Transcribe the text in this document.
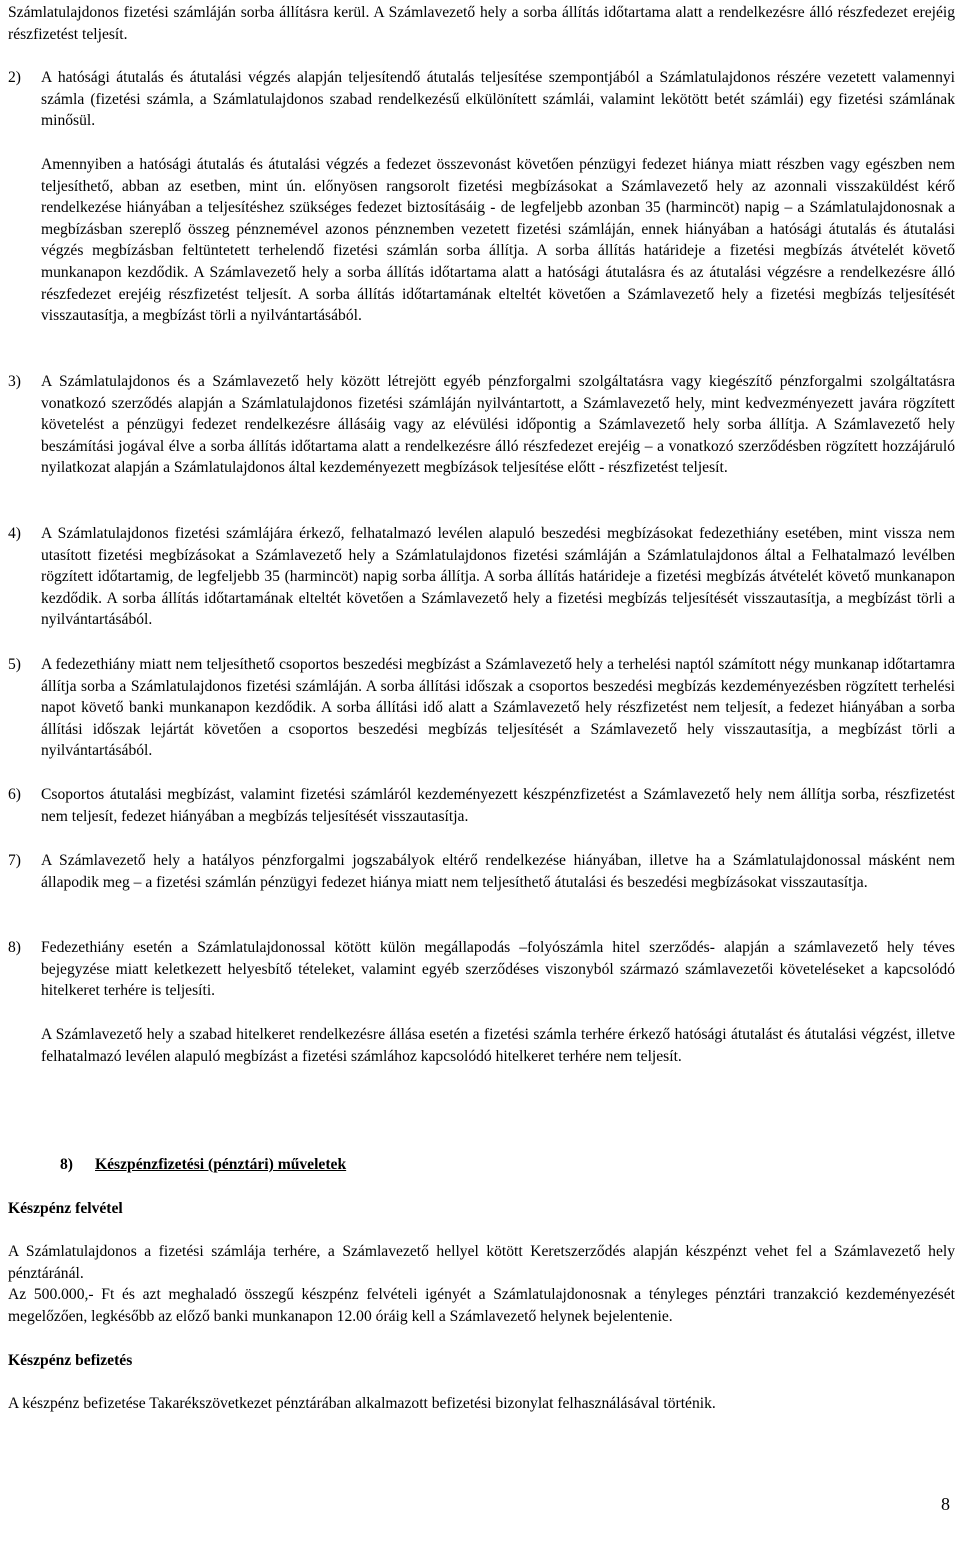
Számlatulajdonos fizetési számláján sorba állításra kerül. A Számlavezető hely a sorba állítás időtartama alatt a rendelkezésre álló részfedezet erejéig részfizetést teljesít.

2) A hatósági átutalás és átutalási végzés alapján teljesítendő átutalás teljesítése szempontjából a Számlatulajdonos részére vezetett valamennyi számla (fizetési számla, a Számlatulajdonos szabad rendelkezésű elkülönített számlái, valamint lekötött betét számlái) egy fizetési számlának minősül.

Amennyiben a hatósági átutalás és átutalási végzés a fedezet összevonást követően pénzügyi fedezet hiánya miatt részben vagy egészben nem teljesíthető, abban az esetben, mint ún. előnyösen rangsorolt fizetési megbízásokat a Számlavezető hely az azonnali visszaküldést kérő rendelkezése hiányában a teljesítéshez szükséges fedezet biztosításáig - de legfeljebb azonban 35 (harmincöt) napig – a Számlatulajdonosnak a megbízásban szereplő összeg pénznemével azonos pénznemben vezetett fizetési számláján, ennek hiányában a hatósági átutalás és átutalási végzés megbízásban feltüntetett terhelendő fizetési számlán sorba állítja. A sorba állítás határideje a fizetési megbízás átvételét követő munkanapon kezdődik. A Számlavezető hely a sorba állítás időtartama alatt a hatósági átutalásra és az átutalási végzésre a rendelkezésre álló részfedezet erejéig részfizetést teljesít. A sorba állítás időtartamának elteltét követően a Számlavezető hely a fizetési megbízás teljesítését visszautasítja, a megbízást törli a nyilvántartásából.

3) A Számlatulajdonos és a Számlavezető hely között létrejött egyéb pénzforgalmi szolgáltatásra vagy kiegészítő pénzforgalmi szolgáltatásra vonatkozó szerződés alapján a Számlatulajdonos fizetési számláján nyilvántartott, a Számlavezető hely, mint kedvezményezett javára rögzített követelést a pénzügyi fedezet rendelkezésre állásáig vagy az elévülési időpontig a Számlavezető hely sorba állítja. A Számlavezető hely beszámítási jogával élve a sorba állítás időtartama alatt a rendelkezésre álló részfedezet erejéig – a vonatkozó szerződésben rögzített hozzájáruló nyilatkozat alapján a Számlatulajdonos által kezdeményezett megbízások teljesítése előtt - részfizetést teljesít.

4) A Számlatulajdonos fizetési számlájára érkező, felhatalmazó levélen alapuló beszedési megbízásokat fedezethiány esetében, mint vissza nem utasított fizetési megbízásokat a Számlavezető hely a Számlatulajdonos fizetési számláján a Számlatulajdonos által a Felhatalmazó levélben rögzített időtartamig, de legfeljebb 35 (harmincöt) napig sorba állítja. A sorba állítás határideje a fizetési megbízás átvételét követő munkanapon kezdődik. A sorba állítás időtartamának elteltét követően a Számlavezető hely a fizetési megbízás teljesítését visszautasítja, a megbízást törli a nyilvántartásából.

5) A fedezethiány miatt nem teljesíthető csoportos beszedési megbízást a Számlavezető hely a terhelési naptól számított négy munkanap időtartamra állítja sorba a Számlatulajdonos fizetési számláján. A sorba állítási időszak a csoportos beszedési megbízás kezdeményezésben rögzített terhelési napot követő banki munkanapon kezdődik. A sorba állítási idő alatt a Számlavezető hely részfizetést nem teljesít, a fedezet hiányában a sorba állítási időszak lejártát követően a csoportos beszedési megbízás teljesítését a Számlavezető hely visszautasítja, a megbízást törli a nyilvántartásából.

6) Csoportos átutalási megbízást, valamint fizetési számláról kezdeményezett készpénzfizetést a Számlavezető hely nem állítja sorba, részfizetést nem teljesít, fedezet hiányában a megbízás teljesítését visszautasítja.

7) A Számlavezető hely a hatályos pénzforgalmi jogszabályok eltérő rendelkezése hiányában, illetve ha a Számlatulajdonossal másként nem állapodik meg – a fizetési számlán pénzügyi fedezet hiánya miatt nem teljesíthető átutalási és beszedési megbízásokat visszautasítja.

8) Fedezethiány esetén a Számlatulajdonossal kötött külön megállapodás –folyószámla hitel szerződés- alapján a számlavezető hely téves bejegyzése miatt keletkezett helyesbítő tételeket, valamint egyéb szerződéses viszonyból származó számlavezetői követeléseket a kapcsolódó hitelkeret terhére is teljesíti.

A Számlavezető hely a szabad hitelkeret rendelkezésre állása esetén a fizetési számla terhére érkező hatósági átutalást és átutalási végzést, illetve felhatalmazó levélen alapuló megbízást a fizetési számlához kapcsolódó hitelkeret terhére nem teljesít.

8) Készpénzfizetési (pénztári) műveletek
Készpénz felvétel

A Számlatulajdonos a fizetési számlája terhére, a Számlavezető hellyel kötött Keretszerződés alapján készpénzt vehet fel a Számlavezető hely pénztáránál.

Az 500.000,- Ft és azt meghaladó összegű készpénz felvételi igényét a Számlatulajdonosnak a tényleges pénztári tranzakció kezdeményezését megelőzően, legkésőbb az előző banki munkanapon 12.00 óráig kell a Számlavezető helynek bejelentenie.

Készpénz befizetés

A készpénz befizetése Takarékszövetkezet pénztárában alkalmazott befizetési bizonylat felhasználásával történik.

8
